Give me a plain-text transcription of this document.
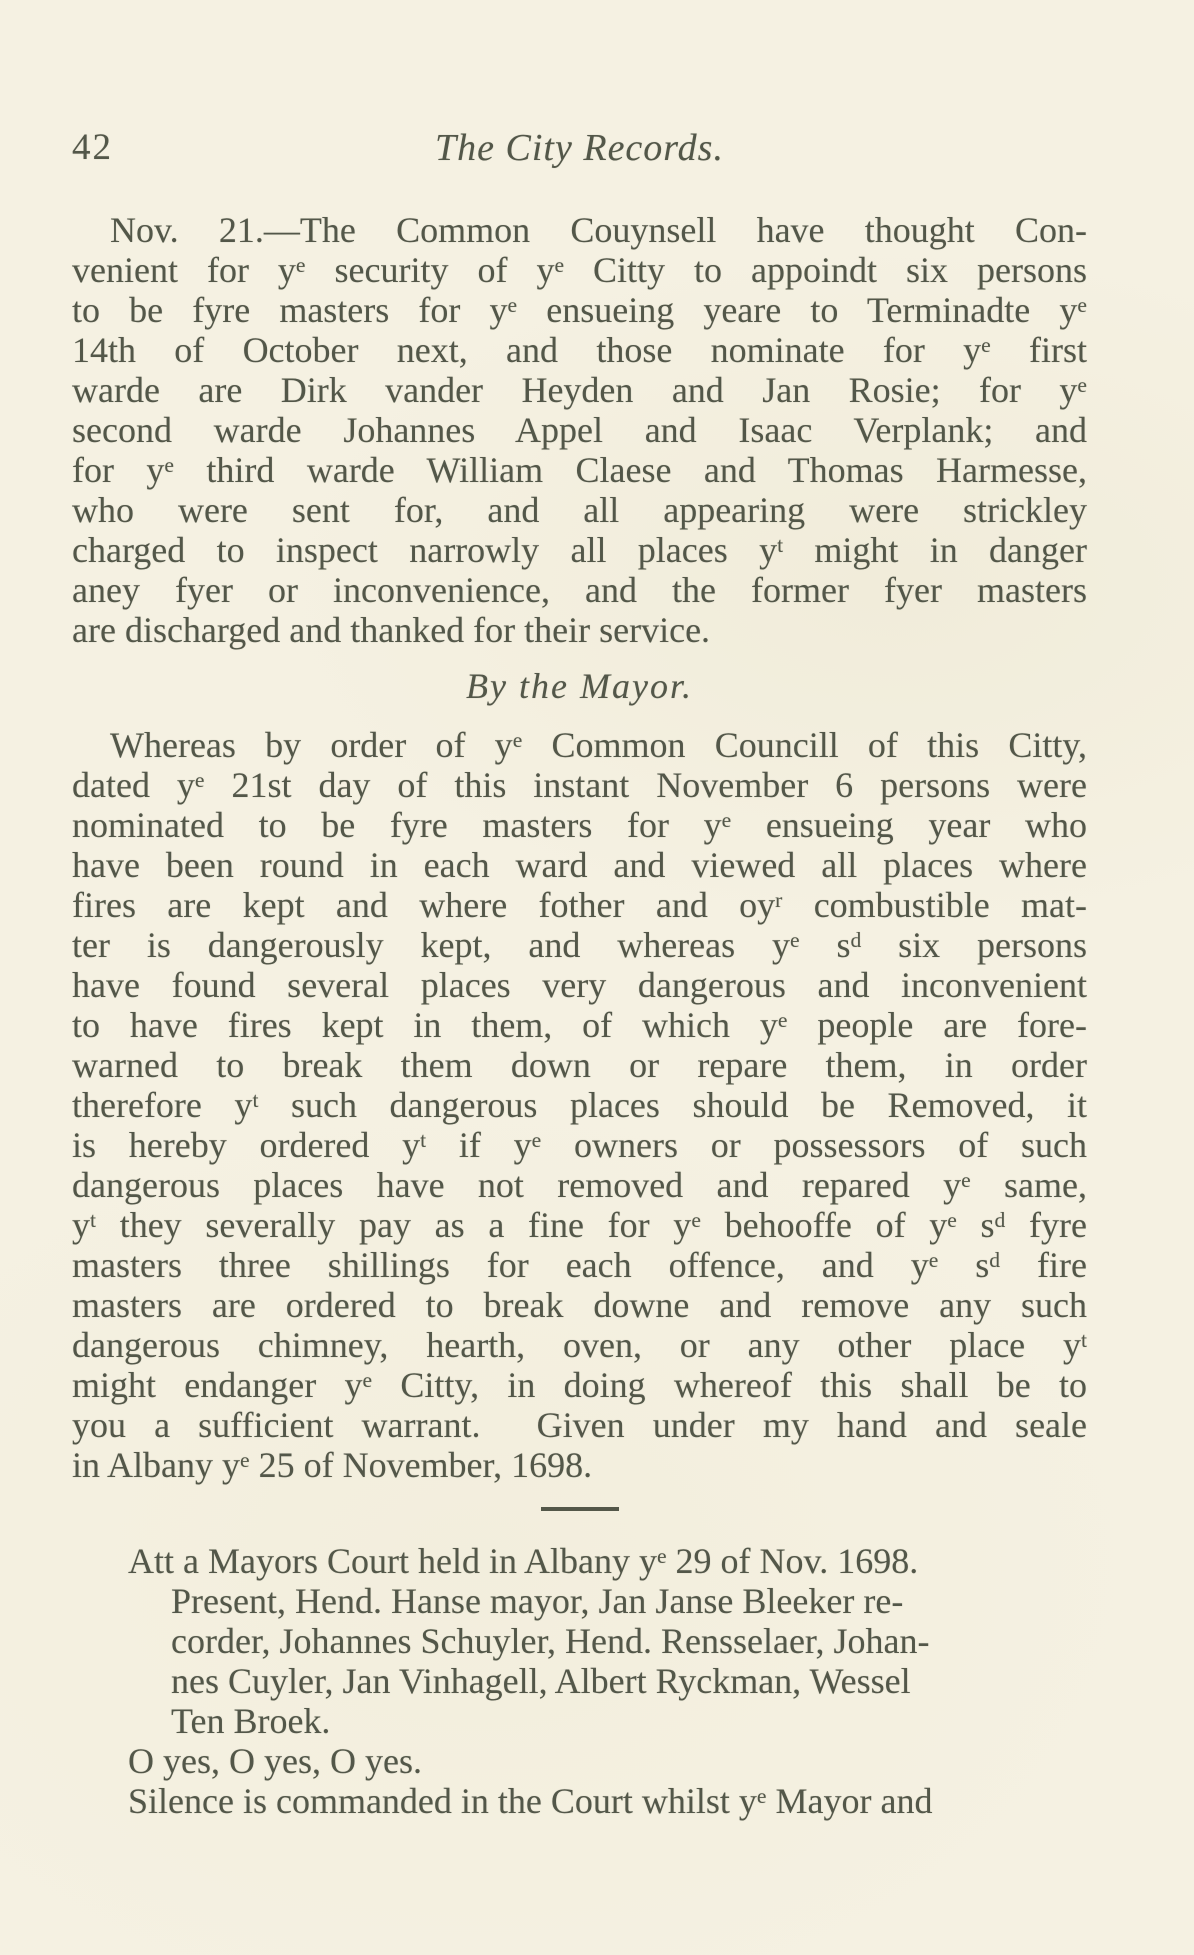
42	The City Records.
Nov. 21.—The Common Couynsell have thought Con-
venient for $y^e$ security of $y^e$ Citty to appoindt six persons
to be fyre masters for $y^e$ ensueing yeare to Terminadte $y^e$
14th of October next, and those nominate for $y^e$ first
warde are Dirk vander Heyden and Jan Rosie; for $y^e$
second warde Johannes Appel and Isaac Verplank; and
for $y^e$ third warde William Claese and Thomas Harmesse,
who were sent for, and all appearing were strickley
charged to inspect narrowly all places $y^t$ might in danger
aney fyer or inconvenience, and the former fyer masters
are discharged and thanked for their service.
By the Mayor.
Whereas by order of $y^e$ Common Councill of this Citty,
dated $y^e$ 21st day of this instant November 6 persons were
nominated to be fyre masters for $y^e$ ensueing year who
have been round in each ward and viewed all places where
fires are kept and where fother and $oy^r$ combustible mat-
ter is dangerously kept, and whereas $y^e$ $s^d$ six persons
have found several places very dangerous and inconvenient
to have fires kept in them, of which $y^e$ people are fore-
warned to break them down or repare them, in order
therefore $y^t$ such dangerous places should be Removed, it
is hereby ordered $y^t$ if $y^e$ owners or possessors of such
dangerous places have not removed and repared $y^e$ same,
$y^t$ they severally pay as a fine for $y^e$ behooffe of $y^e$ $s^d$ fyre
masters three shillings for each offence, and $y^e$ $s^d$ fire
masters are ordered to break downe and remove any such
dangerous chimney, hearth, oven, or any other place $y^t$
might endanger $y^e$ Citty, in doing whereof this shall be to
you a sufficient warrant.  Given under my hand and seale
in Albany $y^e$ 25 of November, 1698.
Att a Mayors Court held in Albany $y^e$ 29 of Nov. 1698.
Present, Hend. Hanse mayor, Jan Janse Bleeker re-
corder, Johannes Schuyler, Hend. Rensselaer, Johan-
nes Cuyler, Jan Vinhagell, Albert Ryckman, Wessel
Ten Broek.
O yes, O yes, O yes.
Silence is commanded in the Court whilst $y^e$ Mayor and
